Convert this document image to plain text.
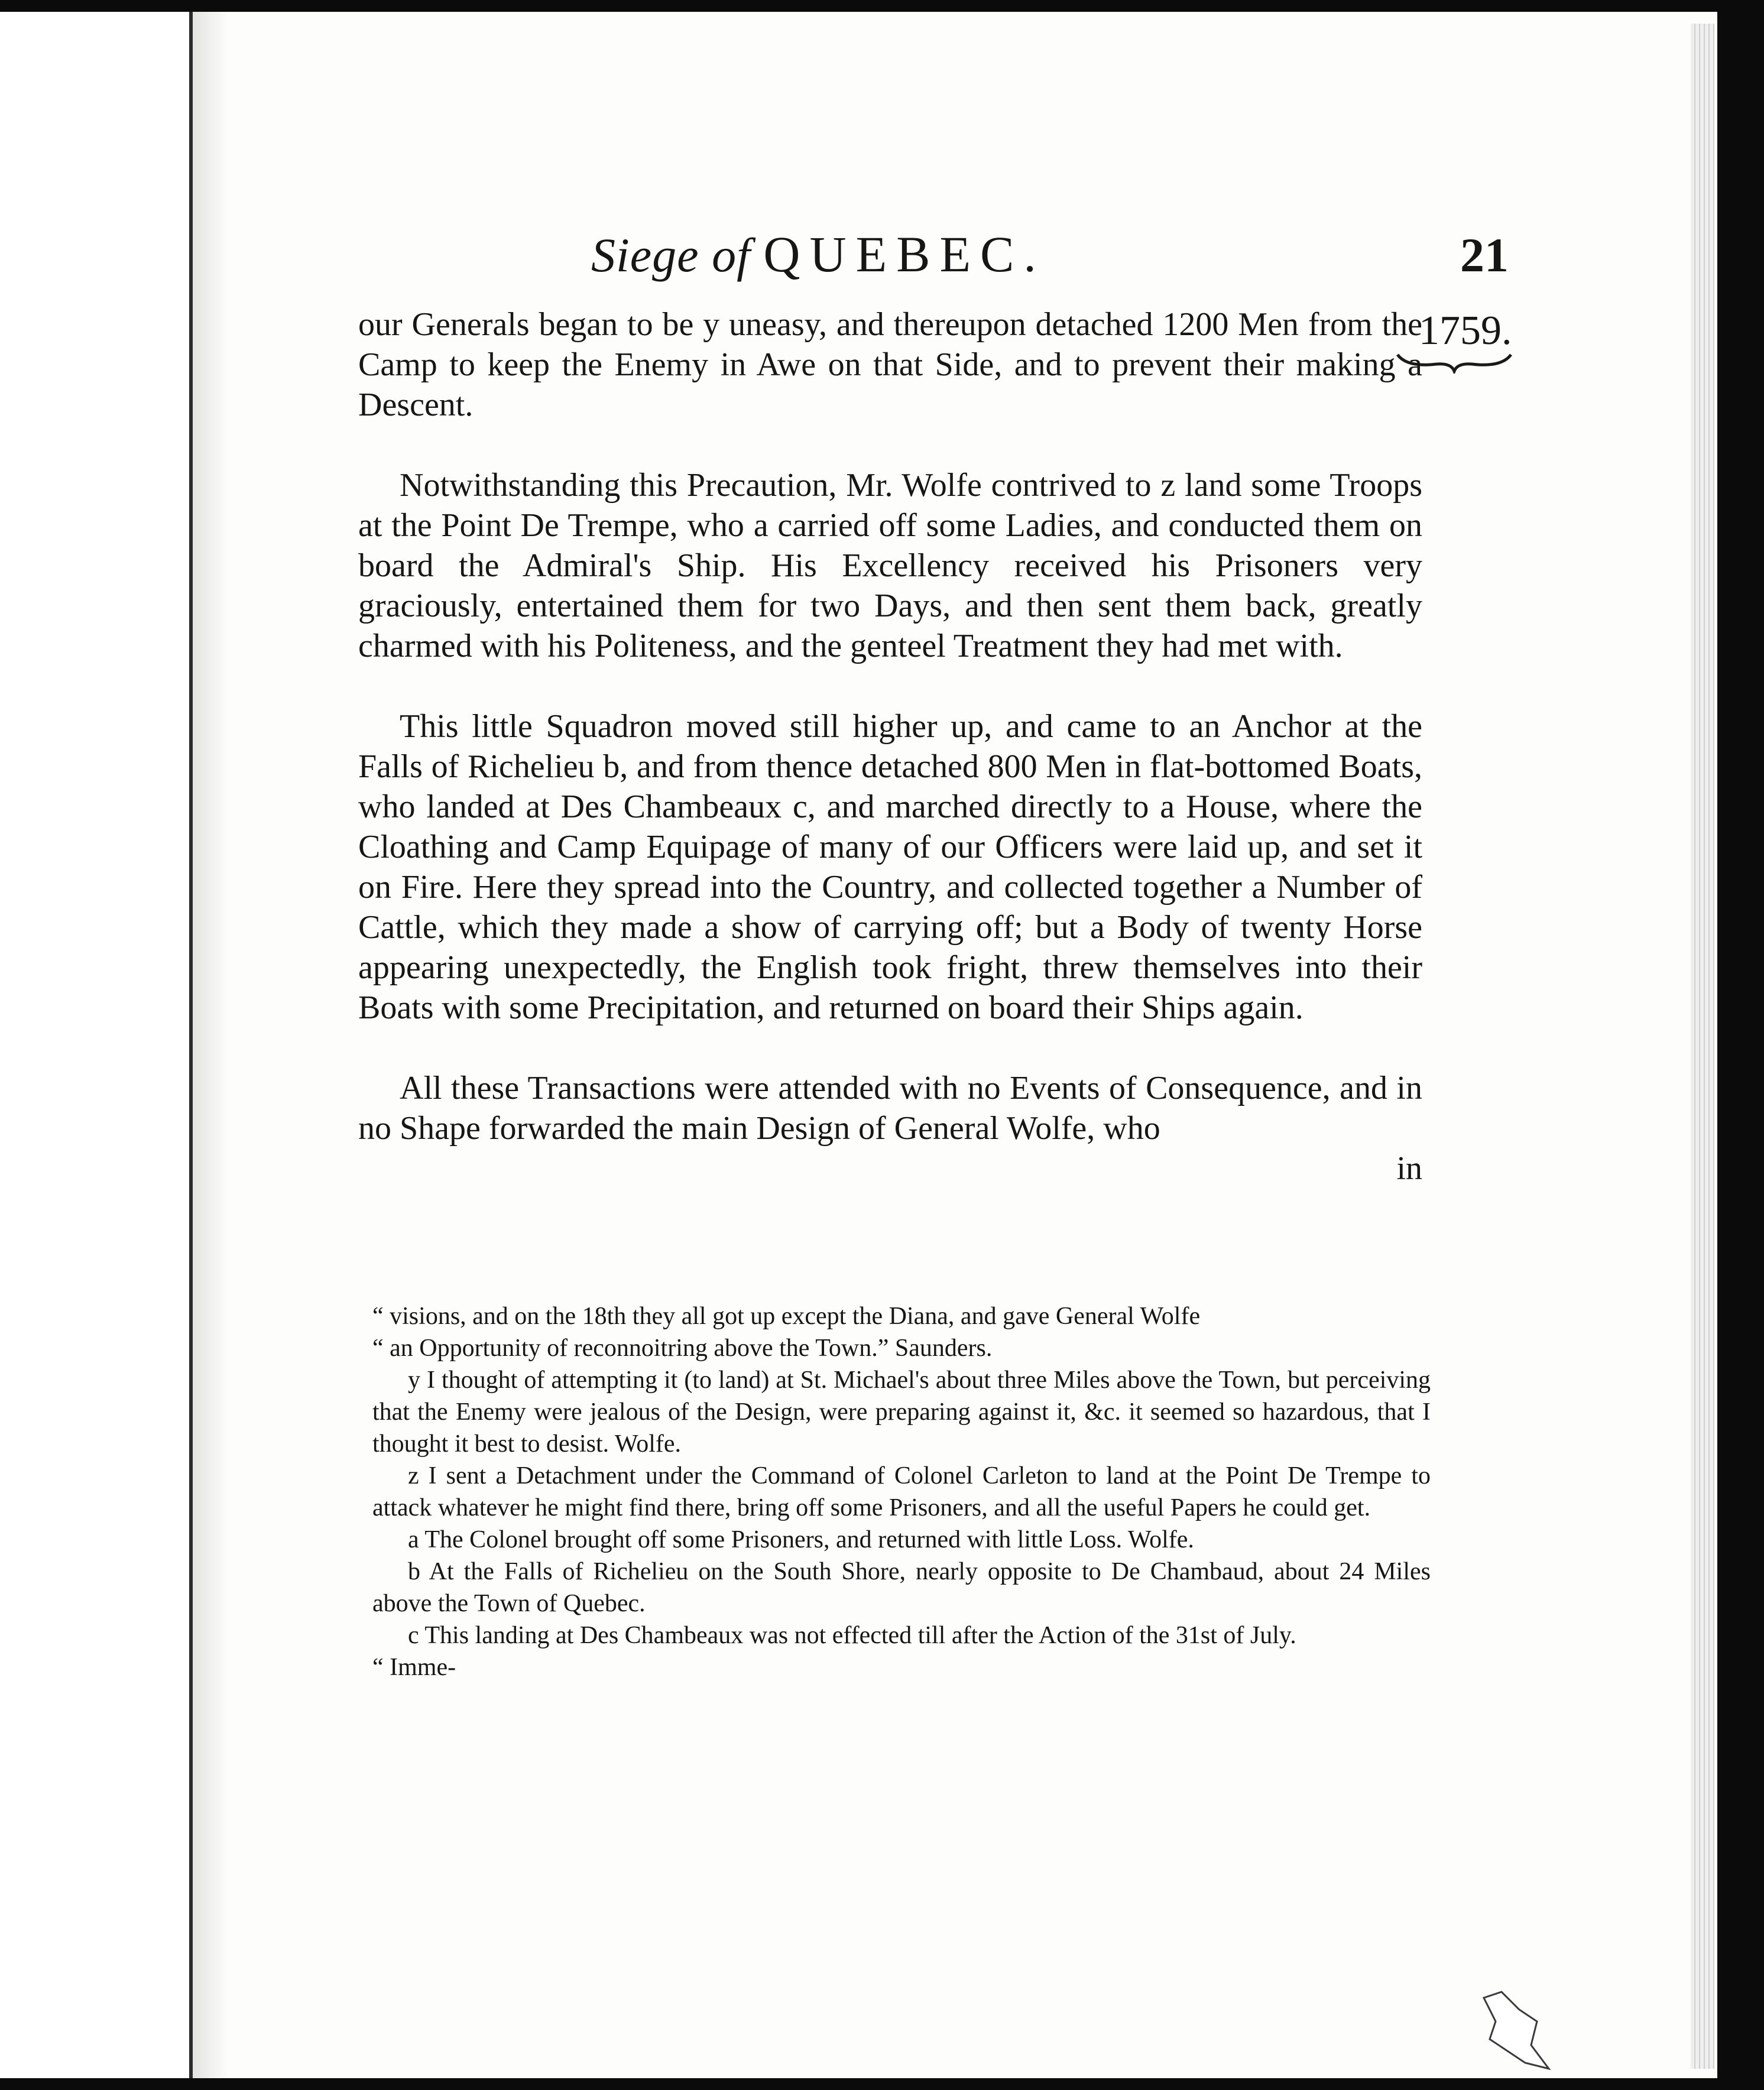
Siege of QUEBEC.	21
1759.

our Generals began to be y uneasy, and thereupon detached 1200 Men from the Camp to keep the Enemy in Awe on that Side, and to prevent their making a Descent.

Notwithstanding this Precaution, Mr. Wolfe contrived to z land some Troops at the Point De Trempe, who a carried off some Ladies, and conducted them on board the Admiral's Ship. His Excellency received his Prisoners very graciously, entertained them for two Days, and then sent them back, greatly charmed with his Politeness, and the genteel Treatment they had met with.

This little Squadron moved still higher up, and came to an Anchor at the Falls of Richelieu b, and from thence detached 800 Men in flat-bottomed Boats, who landed at Des Chambeaux c, and marched directly to a House, where the Cloathing and Camp Equipage of many of our Officers were laid up, and set it on Fire. Here they spread into the Country, and collected together a Number of Cattle, which they made a show of carrying off; but a Body of twenty Horse appearing unexpectedly, the English took fright, threw themselves into their Boats with some Precipitation, and returned on board their Ships again.

All these Transactions were attended with no Events of Consequence, and in no Shape forwarded the main Design of General Wolfe, who

in

“ visions, and on the 18th they all got up except the Diana, and gave General Wolfe

“ an Opportunity of reconnoitring above the Town.” Saunders.

y I thought of attempting it (to land) at St. Michael's about three Miles above the Town, but perceiving that the Enemy were jealous of the Design, were preparing against it, &c. it seemed so hazardous, that I thought it best to desist. Wolfe.

z I sent a Detachment under the Command of Colonel Carleton to land at the Point De Trempe to attack whatever he might find there, bring off some Prisoners, and all the useful Papers he could get.

a The Colonel brought off some Prisoners, and returned with little Loss. Wolfe.

b At the Falls of Richelieu on the South Shore, nearly opposite to De Chambaud, about 24 Miles above the Town of Quebec.

c This landing at Des Chambeaux was not effected till after the Action of the 31st of July.

“ Imme-
